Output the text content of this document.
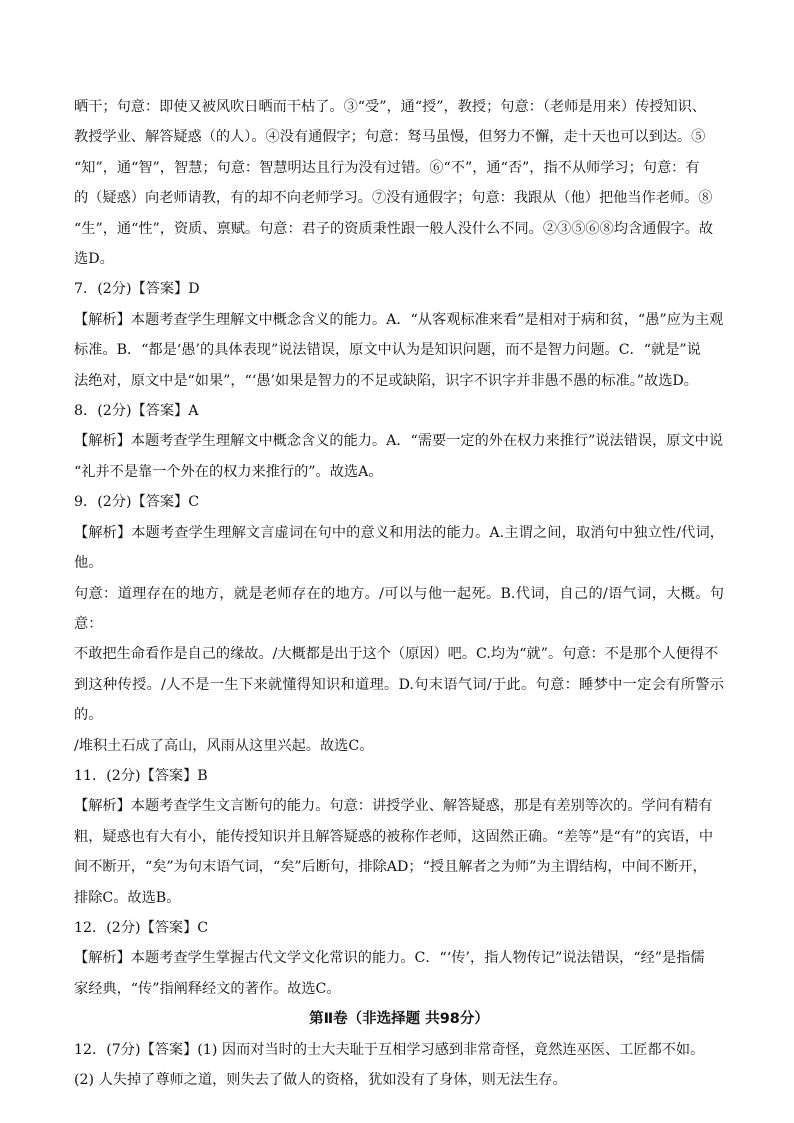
晒干；句意：即使又被风吹日晒而干枯了。③“受”，通“授”，教授；句意：（老师是用来）传授知识、

教授学业、解答疑惑（的人）。④没有通假字；句意：驽马虽慢，但努力不懈，走十天也可以到达。⑤

“知”，通“智”，智慧；句意：智慧明达且行为没有过错。⑥“不”，通“否”，指不从师学习；句意：有

的（疑惑）向老师请教，有的却不向老师学习。⑦没有通假字；句意：我跟从（他）把他当作老师。⑧

“生”，通“性”，资质、禀赋。句意：君子的资质秉性跟一般人没什么不同。②③⑤⑥⑧均含通假字。故

选D。

7．(2分)【答案】D

【解析】本题考查学生理解文中概念含义的能力。A．“从客观标准来看”是相对于病和贫，“愚”应为主观

标准。B．“都是‘愚’的具体表现”说法错误，原文中认为是知识问题，而不是智力问题。C．“就是”说

法绝对，原文中是“如果”，“‘愚’如果是智力的不足或缺陷，识字不识字并非愚不愚的标准。”故选D。

8．(2分)【答案】A

【解析】本题考查学生理解文中概念含义的能力。A．“需要一定的外在权力来推行”说法错误，原文中说

“礼并不是靠一个外在的权力来推行的”。故选A。

9．(2分)【答案】C

【解析】本题考查学生理解文言虚词在句中的意义和用法的能力。A.主谓之间，取消句中独立性/代词，他。

句意：道理存在的地方，就是老师存在的地方。/可以与他一起死。B.代词，自己的/语气词，大概。句意：

不敢把生命看作是自己的缘故。/大概都是出于这个（原因）吧。C.均为“就”。句意：不是那个人便得不

到这种传授。/人不是一生下来就懂得知识和道理。D.句末语气词/于此。句意：睡梦中一定会有所警示的。

/堆积土石成了高山，风雨从这里兴起。故选C。

11．(2分)【答案】B

【解析】本题考查学生文言断句的能力。句意：讲授学业、解答疑惑，那是有差别等次的。学问有精有

粗，疑惑也有大有小，能传授知识并且解答疑惑的被称作老师，这固然正确。“差等”是“有”的宾语，中

间不断开，“矣”为句末语气词，“矣”后断句，排除AD；“授且解者之为师”为主谓结构，中间不断开，

排除C。故选B。

12．(2分)【答案】C

【解析】本题考查学生掌握古代文学文化常识的能力。C．“‘传’，指人物传记”说法错误，“经”是指儒

家经典，“传”指阐释经文的著作。故选C。

第Ⅱ卷（非选择题 共98分）

12．(7分)【答案】(1) 因而对当时的士大夫耻于互相学习感到非常奇怪，竟然连巫医、工匠都不如。

(2) 人失掉了尊师之道，则失去了做人的资格，犹如没有了身体，则无法生存。
